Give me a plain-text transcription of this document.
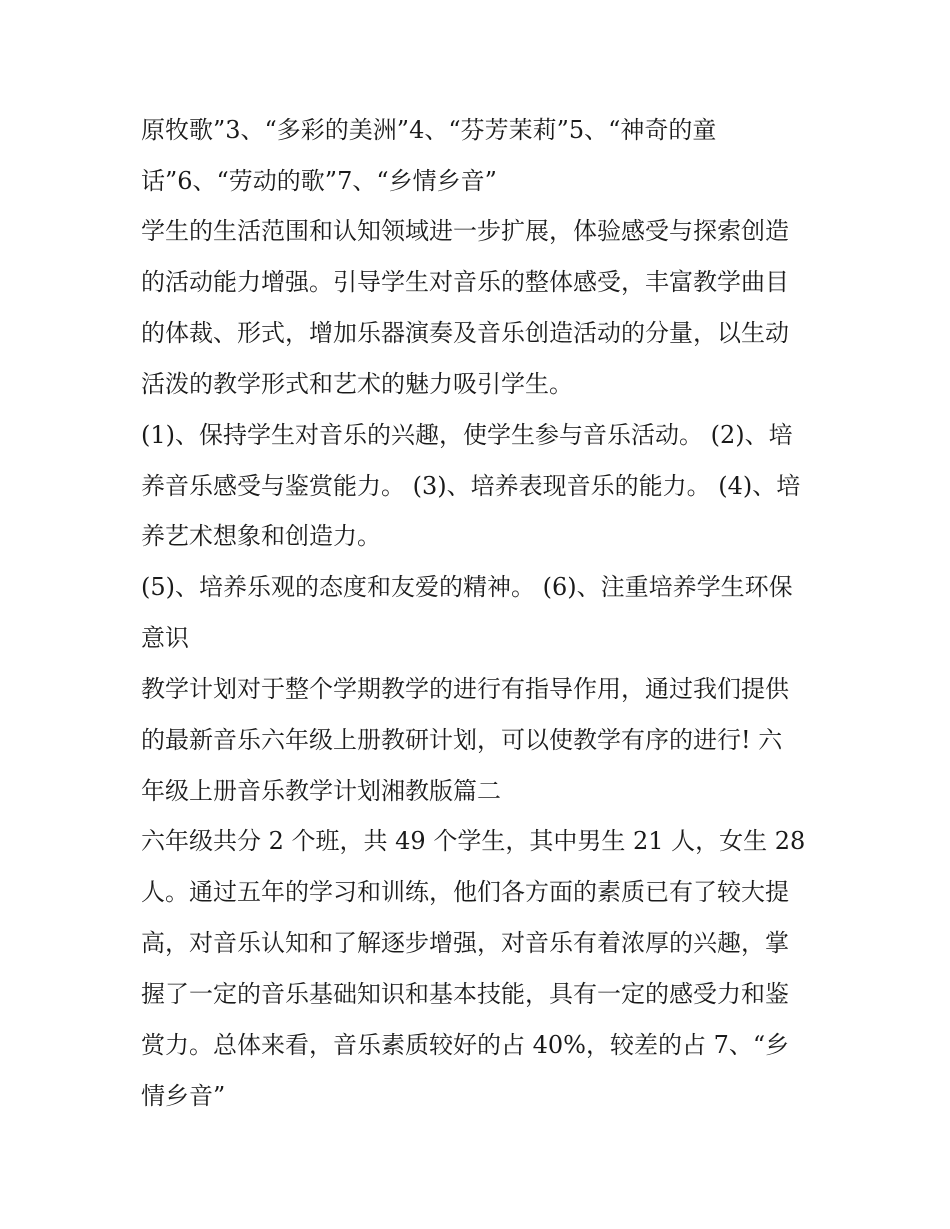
原牧歌”3、“多彩的美洲”4、“芬芳茉莉”5、“神奇的童
话”6、“劳动的歌”7、“乡情乡音”
学生的生活范围和认知领域进一步扩展，体验感受与探索创造
的活动能力增强。引导学生对音乐的整体感受，丰富教学曲目
的体裁、形式，增加乐器演奏及音乐创造活动的分量，以生动
活泼的教学形式和艺术的魅力吸引学生。
(1)、保持学生对音乐的兴趣，使学生参与音乐活动。 (2)、培
养音乐感受与鉴赏能力。 (3)、培养表现音乐的能力。 (4)、培
养艺术想象和创造力。
(5)、培养乐观的态度和友爱的精神。 (6)、注重培养学生环保
意识
教学计划对于整个学期教学的进行有指导作用，通过我们提供
的最新音乐六年级上册教研计划，可以使教学有序的进行! 六
年级上册音乐教学计划湘教版篇二
六年级共分 2 个班，共 49 个学生，其中男生 21 人，女生 28
人。通过五年的学习和训练，他们各方面的素质已有了较大提
高，对音乐认知和了解逐步增强，对音乐有着浓厚的兴趣，掌
握了一定的音乐基础知识和基本技能，具有一定的感受力和鉴
赏力。总体来看，音乐素质较好的占 40%，较差的占 7、“乡
情乡音”
